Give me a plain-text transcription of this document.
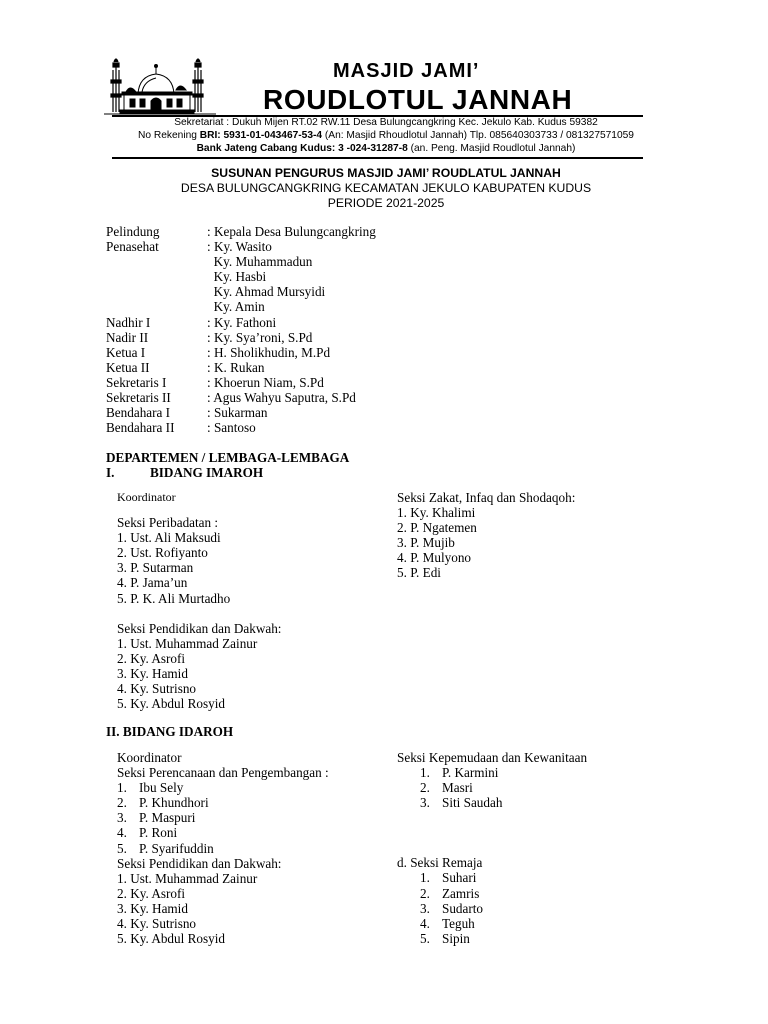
MASJID JAMI’
ROUDLOTUL JANNAH
Sekretariat : Dukuh Mijen RT.02 RW.11 Desa Bulungcangkring Kec. Jekulo Kab. Kudus 59382
No Rekening BRI: 5931-01-043467-53-4 (An: Masjid Rhoudlotul Jannah) Tlp. 085640303733 / 081327571059
Bank Jateng Cabang Kudus: 3 -024-31287-8 (an. Peng. Masjid Roudlotul Jannah)
SUSUNAN PENGURUS MASJID JAMI’ ROUDLATUL JANNAH
DESA BULUNGCANGKRING KECAMATAN JEKULO KABUPATEN KUDUS
PERIODE 2021-2025
Pelindung	: Kepala Desa Bulungcangkring
Penasehat	: Ky. Wasito
Ky. Muhammadun
Ky. Hasbi
Ky. Ahmad Mursyidi
Ky. Amin
Nadhir I	: Ky. Fathoni
Nadir II	: Ky. Sya’roni, S.Pd
Ketua I	: H. Sholikhudin, M.Pd
Ketua II	: K. Rukan
Sekretaris I	: Khoerun Niam, S.Pd
Sekretaris II	: Agus Wahyu Saputra, S.Pd
Bendahara I	: Sukarman
Bendahara II : Santoso
DEPARTEMEN / LEMBAGA-LEMBAGA
I.	BIDANG IMAROH
Koordinator
Seksi Peribadatan :
1. Ust. Ali Maksudi
2. Ust. Rofiyanto
3. P. Sutarman
4. P. Jama’un
5. P. K. Ali Murtadho
Seksi Pendidikan dan Dakwah:
1. Ust. Muhammad Zainur
2. Ky. Asrofi
3. Ky. Hamid
4. Ky. Sutrisno
5. Ky. Abdul Rosyid
Seksi Zakat, Infaq dan Shodaqoh:
1. Ky. Khalimi
2. P. Ngatemen
3. P. Mujib
4. P. Mulyono
5. P. Edi
II. BIDANG IDAROH
Koordinator
Seksi Perencanaan dan Pengembangan :
1. Ibu Sely
2. P. Khundhori
3. P. Maspuri
4. P. Roni
5. P. Syarifuddin
Seksi Pendidikan dan Dakwah:
1. Ust. Muhammad Zainur
2. Ky. Asrofi
3. Ky. Hamid
4. Ky. Sutrisno
5. Ky. Abdul Rosyid
Seksi Kepemudaan dan Kewanitaan
1. P. Karmini
2. Masri
3. Siti Saudah
d. Seksi Remaja
1. Suhari
2. Zamris
3. Sudarto
4. Teguh
5. Sipin
